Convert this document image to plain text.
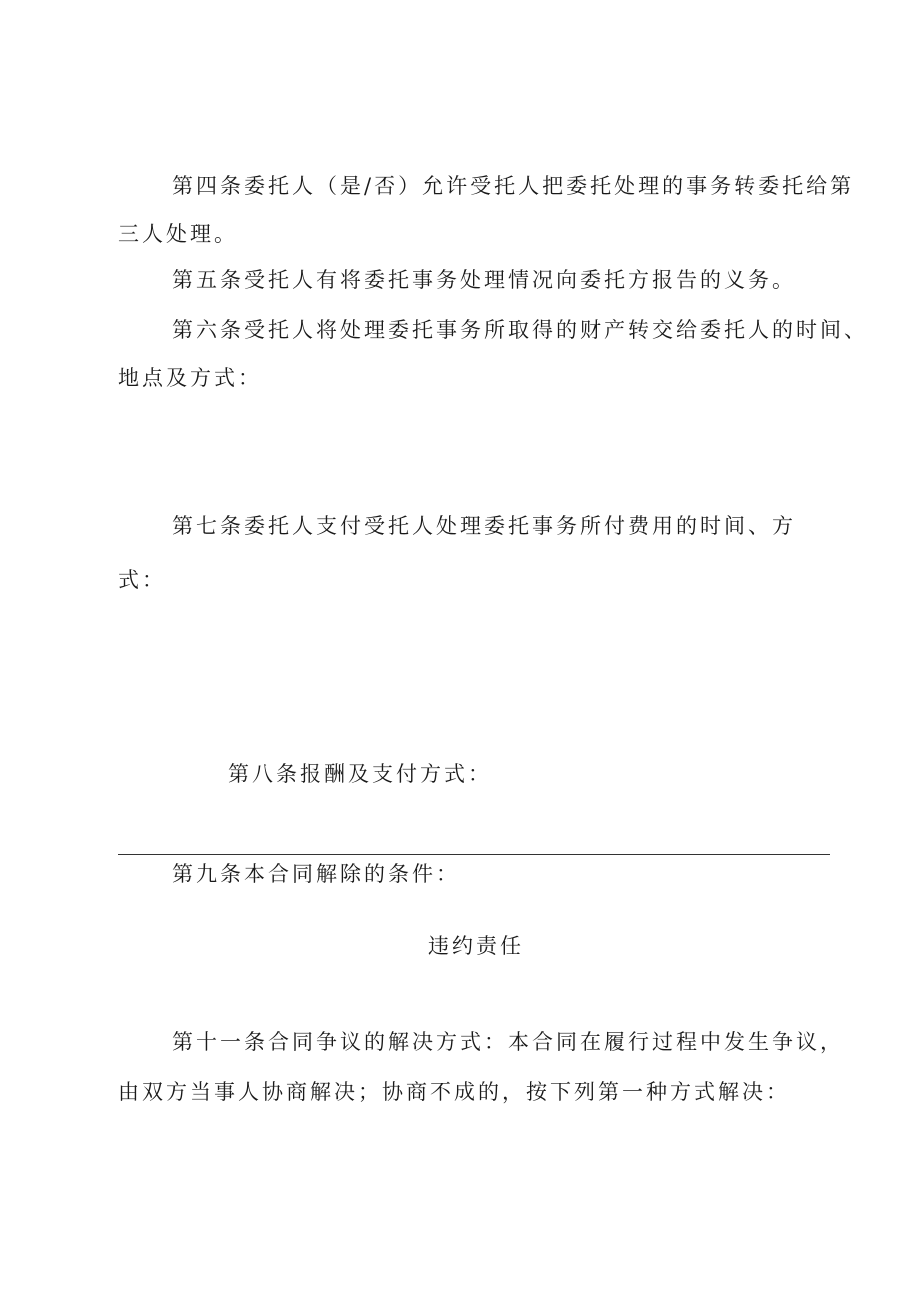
第四条委托人（是/否）允许受托人把委托处理的事务转委托给第
三人处理。
第五条受托人有将委托事务处理情况向委托方报告的义务。
第六条受托人将处理委托事务所取得的财产转交给委托人的时间、
地点及方式：
第七条委托人支付受托人处理委托事务所付费用的时间、方
式：
第八条报酬及支付方式：
第九条本合同解除的条件：
违约责任
第十一条合同争议的解决方式：本合同在履行过程中发生争议，
由双方当事人协商解决；协商不成的，按下列第一种方式解决：
